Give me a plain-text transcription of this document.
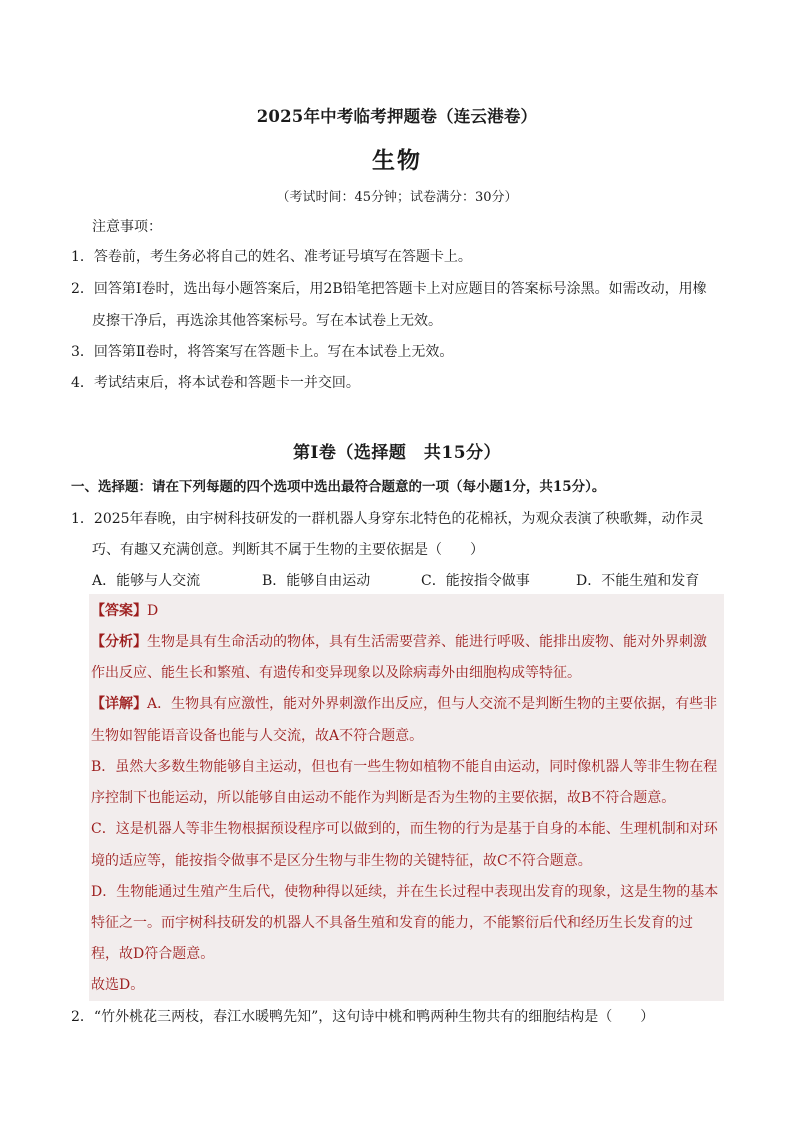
2025年中考临考押题卷（连云港卷）
生物
（考试时间：45分钟；试卷满分：30分）
注意事项：
1．答卷前，考生务必将自己的姓名、准考证号填写在答题卡上。
2．回答第Ⅰ卷时，选出每小题答案后，用2B铅笔把答题卡上对应题目的答案标号涂黑。如需改动，用橡
皮擦干净后，再选涂其他答案标号。写在本试卷上无效。
3．回答第Ⅱ卷时，将答案写在答题卡上。写在本试卷上无效。
4．考试结束后，将本试卷和答题卡一并交回。
第Ⅰ卷（选择题　共15分）
一、选择题：请在下列每题的四个选项中选出最符合题意的一项（每小题1分，共15分）。
1．2025年春晚，由宇树科技研发的一群机器人身穿东北特色的花棉袄，为观众表演了秧歌舞，动作灵
巧、有趣又充满创意。判断其不属于生物的主要依据是（　　）
A．能够与人交流	B．能够自由运动	C．能按指令做事	D．不能生殖和发育
【答案】D
【分析】生物是具有生命活动的物体，具有生活需要营养、能进行呼吸、能排出废物、能对外界刺激
作出反应、能生长和繁殖、有遗传和变异现象以及除病毒外由细胞构成等特征。
【详解】A．生物具有应激性，能对外界刺激作出反应，但与人交流不是判断生物的主要依据，有些非
生物如智能语音设备也能与人交流，故A不符合题意。
B．虽然大多数生物能够自主运动，但也有一些生物如植物不能自由运动，同时像机器人等非生物在程
序控制下也能运动，所以能够自由运动不能作为判断是否为生物的主要依据，故B不符合题意。
C．这是机器人等非生物根据预设程序可以做到的，而生物的行为是基于自身的本能、生理机制和对环
境的适应等，能按指令做事不是区分生物与非生物的关键特征，故C不符合题意。
D．生物能通过生殖产生后代，使物种得以延续，并在生长过程中表现出发育的现象，这是生物的基本
特征之一。而宇树科技研发的机器人不具备生殖和发育的能力，不能繁衍后代和经历生长发育的过
程，故D符合题意。
故选D。
2．“竹外桃花三两枝，春江水暖鸭先知”，这句诗中桃和鸭两种生物共有的细胞结构是（　　）
